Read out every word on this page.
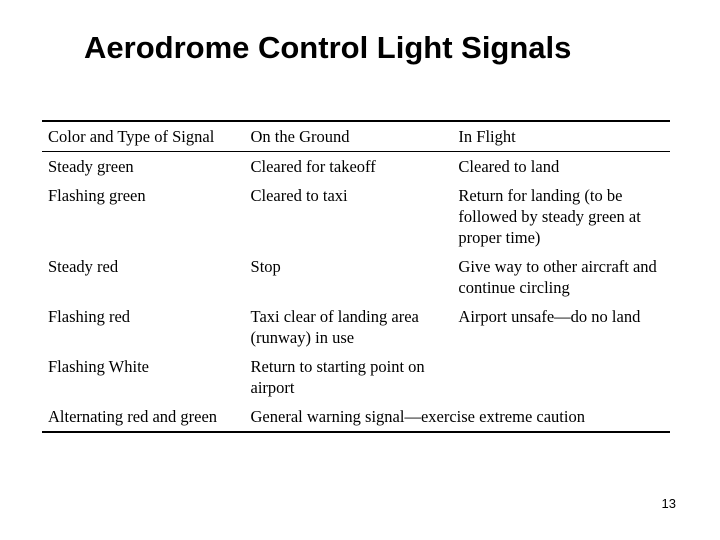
Aerodrome Control Light Signals
Color and Type of Signal	On the Ground	In Flight
Steady green	Cleared for takeoff	Cleared to land
Flashing green	Cleared to taxi	Return for landing (to be followed by steady green at proper time)
Steady red	Stop	Give way to other aircraft and continue circling
Flashing red	Taxi clear of landing area (runway) in use	Airport unsafe—do no land
Flashing White	Return to starting point on airport	
Alternating red and green	General warning signal—exercise extreme caution	
13
